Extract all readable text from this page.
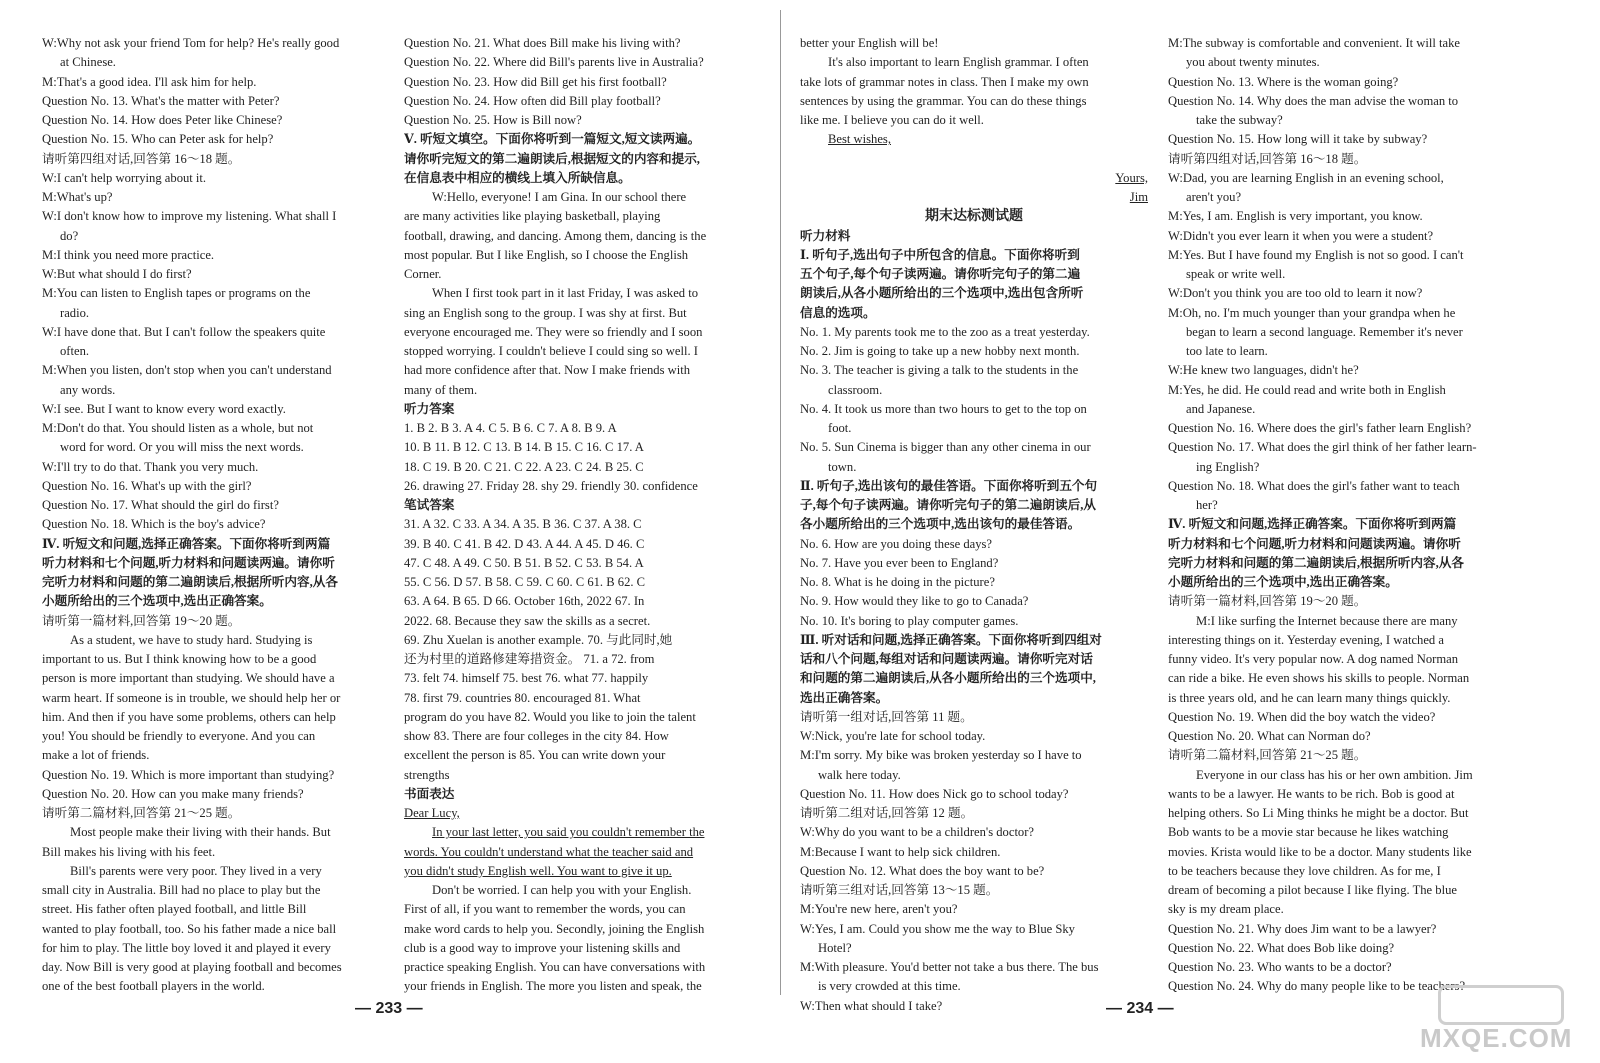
W:Why not ask your friend Tom for help? He's really good
at Chinese.
M:That's a good idea. I'll ask him for help.
Question No. 13. What's the matter with Peter?
Question No. 14. How does Peter like Chinese?
Question No. 15. Who can Peter ask for help?
请听第四组对话,回答第 16～18 题。
W:I can't help worrying about it.
M:What's up?
W:I don't know how to improve my listening. What shall I
do?
M:I think you need more practice.
W:But what should I do first?
M:You can listen to English tapes or programs on the
radio.
W:I have done that. But I can't follow the speakers quite
often.
M:When you listen, don't stop when you can't understand
any words.
W:I see. But I want to know every word exactly.
M:Don't do that. You should listen as a whole, but not
word for word. Or you will miss the next words.
W:I'll try to do that. Thank you very much.
Question No. 16. What's up with the girl?
Question No. 17. What should the girl do first?
Question No. 18. Which is the boy's advice?
Ⅳ. 听短文和问题,选择正确答案。下面你将听到两篇
听力材料和七个问题,听力材料和问题读两遍。请你听
完听力材料和问题的第二遍朗读后,根据所听内容,从各
小题所给出的三个选项中,选出正确答案。
请听第一篇材料,回答第 19～20 题。
As a student, we have to study hard. Studying is
important to us. But I think knowing how to be a good
person is more important than studying. We should have a
warm heart. If someone is in trouble, we should help her or
him. And then if you have some problems, others can help
you! You should be friendly to everyone. And you can
make a lot of friends.
Question No. 19. Which is more important than studying?
Question No. 20. How can you make many friends?
请听第二篇材料,回答第 21～25 题。
Most people make their living with their hands. But
Bill makes his living with his feet.
Bill's parents were very poor. They lived in a very
small city in Australia. Bill had no place to play but the
street. His father often played football, and little Bill
wanted to play football, too. So his father made a nice ball
for him to play. The little boy loved it and played it every
day. Now Bill is very good at playing football and becomes
one of the best football players in the world.
Question No. 21. What does Bill make his living with?
Question No. 22. Where did Bill's parents live in Australia?
Question No. 23. How did Bill get his first football?
Question No. 24. How often did Bill play football?
Question No. 25. How is Bill now?
Ⅴ. 听短文填空。下面你将听到一篇短文,短文读两遍。
请你听完短文的第二遍朗读后,根据短文的内容和提示,
在信息表中相应的横线上填入所缺信息。
W:Hello, everyone! I am Gina. In our school there
are many activities like playing basketball, playing
football, drawing, and dancing. Among them, dancing is the
most popular. But I like English, so I choose the English
Corner.
When I first took part in it last Friday, I was asked to
sing an English song to the group. I was shy at first. But
everyone encouraged me. They were so friendly and I soon
stopped worrying. I couldn't believe I could sing so well. I
had more confidence after that. Now I make friends with
many of them.
听力答案
1. B 2. B 3. A 4. C 5. B 6. C 7. A 8. B 9. A
10. B 11. B 12. C 13. B 14. B 15. C 16. C 17. A
18. C 19. B 20. C 21. C 22. A 23. C 24. B 25. C
26. drawing 27. Friday 28. shy 29. friendly 30. confidence
笔试答案
31. A 32. C 33. A 34. A 35. B 36. C 37. A 38. C
39. B 40. C 41. B 42. D 43. A 44. A 45. D 46. C
47. C 48. A 49. C 50. B 51. B 52. C 53. B 54. A
55. C 56. D 57. B 58. C 59. C 60. C 61. B 62. C
63. A 64. B 65. D 66. October 16th, 2022 67. In
2022. 68. Because they saw the skills as a secret.
69. Zhu Xuelan is another example. 70. 与此同时,她
还为村里的道路修建筹措资金。 71. a 72. from
73. felt 74. himself 75. best 76. what 77. happily
78. first 79. countries 80. encouraged 81. What
program do you have 82. Would you like to join the talent
show 83. There are four colleges in the city 84. How
excellent the person is 85. You can write down your
strengths
书面表达
Dear Lucy,
In your last letter, you said you couldn't remember the
words. You couldn't understand what the teacher said and
you didn't study English well. You want to give it up.
Don't be worried. I can help you with your English.
First of all, if you want to remember the words, you can
make word cards to help you. Secondly, joining the English
club is a good way to improve your listening skills and
practice speaking English. You can have conversations with
your friends in English. The more you listen and speak, the
better your English will be!
It's also important to learn English grammar. I often
take lots of grammar notes in class. Then I make my own
sentences by using the grammar. You can do these things
like me. I believe you can do it well.
Best wishes,
Yours,
Jim
期末达标测试题
听力材料
Ⅰ. 听句子,选出句子中所包含的信息。下面你将听到
五个句子,每个句子读两遍。请你听完句子的第二遍
朗读后,从各小题所给出的三个选项中,选出包含所听
信息的选项。
No. 1. My parents took me to the zoo as a treat yesterday.
No. 2. Jim is going to take up a new hobby next month.
No. 3. The teacher is giving a talk to the students in the
classroom.
No. 4. It took us more than two hours to get to the top on
foot.
No. 5. Sun Cinema is bigger than any other cinema in our
town.
Ⅱ. 听句子,选出该句的最佳答语。下面你将听到五个句
子,每个句子读两遍。请你听完句子的第二遍朗读后,从
各小题所给出的三个选项中,选出该句的最佳答语。
No. 6. How are you doing these days?
No. 7. Have you ever been to England?
No. 8. What is he doing in the picture?
No. 9. How would they like to go to Canada?
No. 10. It's boring to play computer games.
Ⅲ. 听对话和问题,选择正确答案。下面你将听到四组对
话和八个问题,每组对话和问题读两遍。请你听完对话
和问题的第二遍朗读后,从各小题所给出的三个选项中,
选出正确答案。
请听第一组对话,回答第 11 题。
W:Nick, you're late for school today.
M:I'm sorry. My bike was broken yesterday so I have to
walk here today.
Question No. 11. How does Nick go to school today?
请听第二组对话,回答第 12 题。
W:Why do you want to be a children's doctor?
M:Because I want to help sick children.
Question No. 12. What does the boy want to be?
请听第三组对话,回答第 13～15 题。
M:You're new here, aren't you?
W:Yes, I am. Could you show me the way to Blue Sky
Hotel?
M:With pleasure. You'd better not take a bus there. The bus
is very crowded at this time.
W:Then what should I take?
M:The subway is comfortable and convenient. It will take
you about twenty minutes.
Question No. 13. Where is the woman going?
Question No. 14. Why does the man advise the woman to
take the subway?
Question No. 15. How long will it take by subway?
请听第四组对话,回答第 16～18 题。
W:Dad, you are learning English in an evening school,
aren't you?
M:Yes, I am. English is very important, you know.
W:Didn't you ever learn it when you were a student?
M:Yes. But I have found my English is not so good. I can't
speak or write well.
W:Don't you think you are too old to learn it now?
M:Oh, no. I'm much younger than your grandpa when he
began to learn a second language. Remember it's never
too late to learn.
W:He knew two languages, didn't he?
M:Yes, he did. He could read and write both in English
and Japanese.
Question No. 16. Where does the girl's father learn English?
Question No. 17. What does the girl think of her father learn-
ing English?
Question No. 18. What does the girl's father want to teach
her?
Ⅳ. 听短文和问题,选择正确答案。下面你将听到两篇
听力材料和七个问题,听力材料和问题读两遍。请你听
完听力材料和问题的第二遍朗读后,根据所听内容,从各
小题所给出的三个选项中,选出正确答案。
请听第一篇材料,回答第 19～20 题。
M:I like surfing the Internet because there are many
interesting things on it. Yesterday evening, I watched a
funny video. It's very popular now. A dog named Norman
can ride a bike. He even shows his skills to people. Norman
is three years old, and he can learn many things quickly.
Question No. 19. When did the boy watch the video?
Question No. 20. What can Norman do?
请听第二篇材料,回答第 21～25 题。
Everyone in our class has his or her own ambition. Jim
wants to be a lawyer. He wants to be rich. Bob is good at
helping others. So Li Ming thinks he might be a doctor. But
Bob wants to be a movie star because he likes watching
movies. Krista would like to be a doctor. Many students like
to be teachers because they love children. As for me, I
dream of becoming a pilot because I like flying. The blue
sky is my dream place.
Question No. 21. Why does Jim want to be a lawyer?
Question No. 22. What does Bob like doing?
Question No. 23. Who wants to be a doctor?
Question No. 24. Why do many people like to be teachers?
— 233 —	— 234 —
MXQE.COM
